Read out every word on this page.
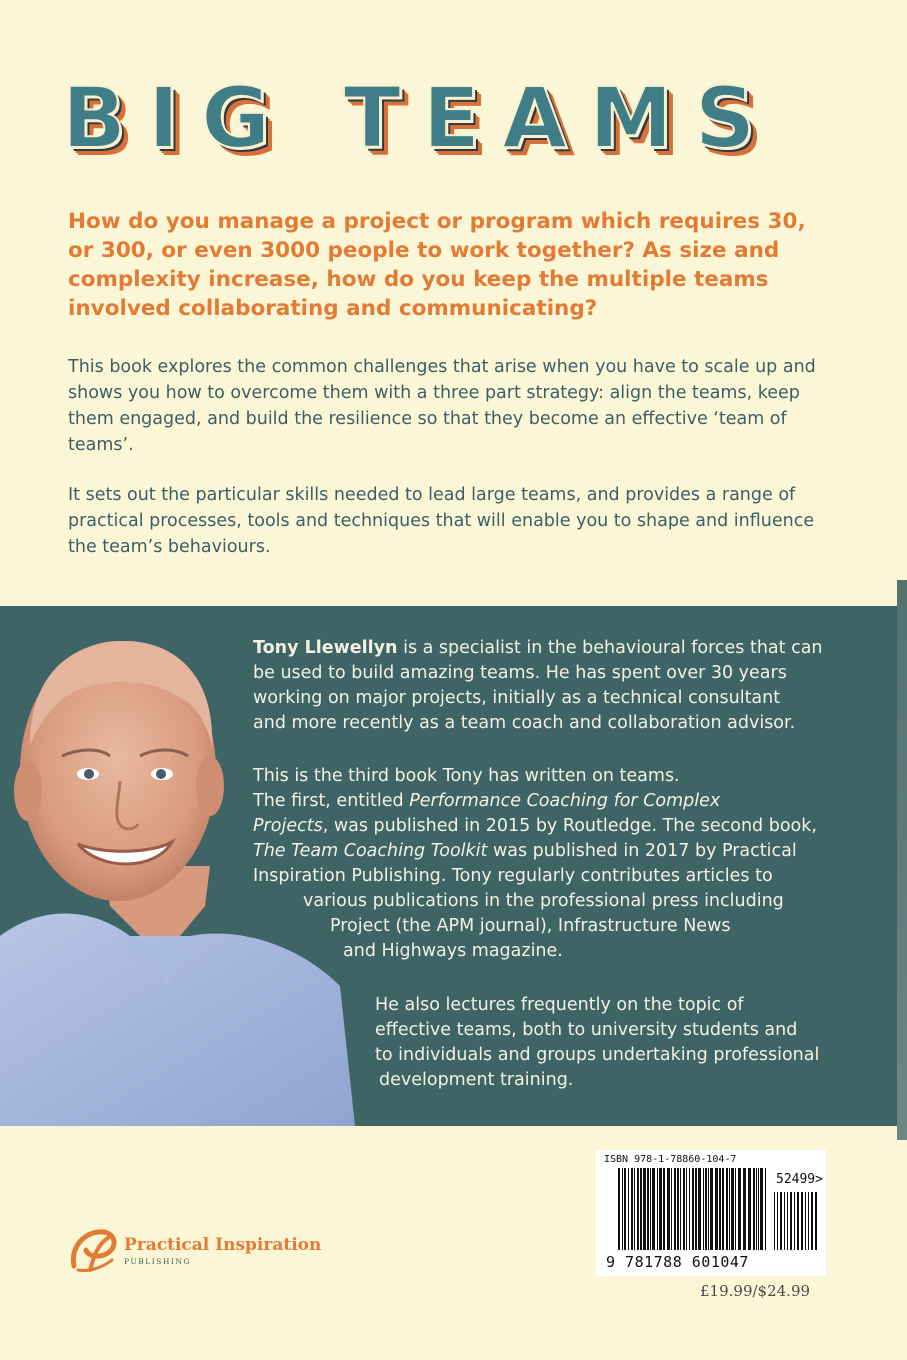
BIG TEAMS
How do you manage a project or program which requires 30, or 300, or even 3000 people to work together? As size and complexity increase, how do you keep the multiple teams involved collaborating and communicating?
This book explores the common challenges that arise when you have to scale up and shows you how to overcome them with a three part strategy: align the teams, keep them engaged, and build the resilience so that they become an effective ‘team of teams’.
It sets out the particular skills needed to lead large teams, and provides a range of practical processes, tools and techniques that will enable you to shape and influence the team’s behaviours.
Tony Llewellyn is a specialist in the behavioural forces that can
be used to build amazing teams. He has spent over 30 years
working on major projects, initially as a technical consultant
and more recently as a team coach and collaboration advisor.
This is the third book Tony has written on teams.
The first, entitled Performance Coaching for Complex
Projects, was published in 2015 by Routledge. The second book,
The Team Coaching Toolkit was published in 2017 by Practical
Inspiration Publishing. Tony regularly contributes articles to
various publications in the professional press including
Project (the APM journal), Infrastructure News
and Highways magazine.
He also lectures frequently on the topic of
effective teams, both to university students and
to individuals and groups undertaking professional
development training.
Practical Inspiration
PUBLISHING
ISBN 978-1-78860-104-7
52499>
9 781788 601047
£19.99/$24.99
